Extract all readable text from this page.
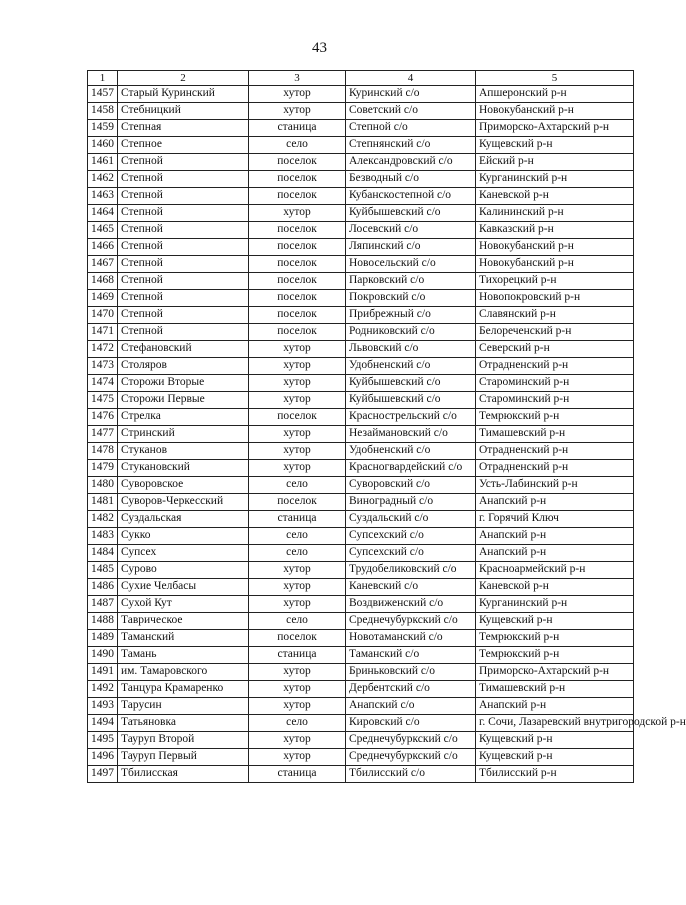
43
1	2	3	4	5
1457	Старый Куринский	хутор	Куринский с/о	Апшеронский р-н
1458	Стебницкий	хутор	Советский с/о	Новокубанский р-н
1459	Степная	станица	Степной с/о	Приморско-Ахтарский р-н
1460	Степное	село	Степнянский с/о	Кущевский р-н
1461	Степной	поселок	Александровский с/о	Ейский р-н
1462	Степной	поселок	Безводный с/о	Курганинский р-н
1463	Степной	поселок	Кубанскостепной с/о	Каневской р-н
1464	Степной	хутор	Куйбышевский с/о	Калининский р-н
1465	Степной	поселок	Лосевский с/о	Кавказский р-н
1466	Степной	поселок	Ляпинский с/о	Новокубанский р-н
1467	Степной	поселок	Новосельский с/о	Новокубанский р-н
1468	Степной	поселок	Парковский с/о	Тихорецкий р-н
1469	Степной	поселок	Покровский с/о	Новопокровский р-н
1470	Степной	поселок	Прибрежный с/о	Славянский р-н
1471	Степной	поселок	Родниковский с/о	Белореченский р-н
1472	Стефановский	хутор	Львовский с/о	Северский р-н
1473	Столяров	хутор	Удобненский с/о	Отрадненский р-н
1474	Сторожи Вторые	хутор	Куйбышевский с/о	Староминский р-н
1475	Сторожи Первые	хутор	Куйбышевский с/о	Староминский р-н
1476	Стрелка	поселок	Краснострельский с/о	Темрюкский р-н
1477	Стринский	хутор	Незаймановский с/о	Тимашевский р-н
1478	Стуканов	хутор	Удобненский с/о	Отрадненский р-н
1479	Стукановский	хутор	Красногвардейский с/о	Отрадненский р-н
1480	Суворовское	село	Суворовский с/о	Усть-Лабинский р-н
1481	Суворов-Черкесский	поселок	Виноградный с/о	Анапский р-н
1482	Суздальская	станица	Суздальский с/о	г. Горячий Ключ
1483	Сукко	село	Супсехский с/о	Анапский р-н
1484	Супсех	село	Супсехский с/о	Анапский р-н
1485	Сурово	хутор	Трудобеликовский с/о	Красноармейский р-н
1486	Сухие Челбасы	хутор	Каневский с/о	Каневской р-н
1487	Сухой Кут	хутор	Воздвиженский с/о	Курганинский р-н
1488	Таврическое	село	Среднечубуркский с/о	Кущевский р-н
1489	Таманский	поселок	Новотаманский с/о	Темрюкский р-н
1490	Тамань	станица	Таманский с/о	Темрюкский р-н
1491	им. Тамаровского	хутор	Бриньковский с/о	Приморско-Ахтарский р-н
1492	Танцура Крамаренко	хутор	Дербентский с/о	Тимашевский р-н
1493	Тарусин	хутор	Анапский с/о	Анапский р-н
1494	Татьяновка	село	Кировский с/о	г. Сочи, Лазаревский внутригородской р-н
1495	Тауруп Второй	хутор	Среднечубуркский с/о	Кущевский р-н
1496	Тауруп Первый	хутор	Среднечубуркский с/о	Кущевский р-н
1497	Тбилисская	станица	Тбилисский с/о	Тбилисский р-н
